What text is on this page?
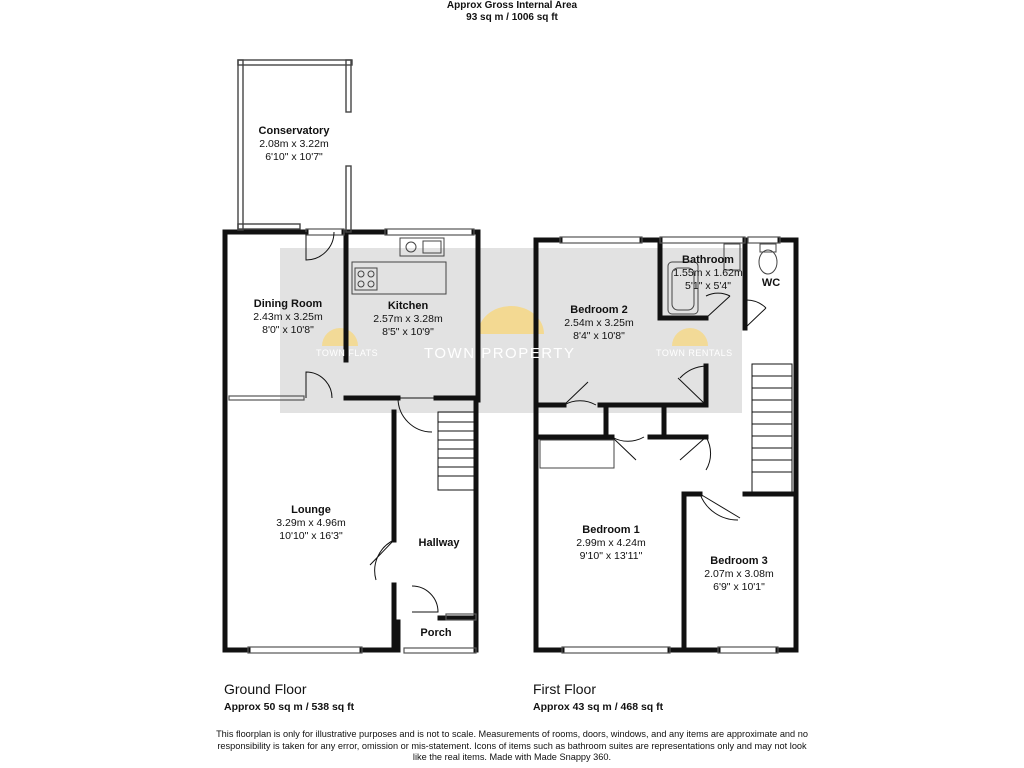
Approx Gross Internal Area
93 sq m / 1006 sq ft
Conservatory
2.08m x 3.22m
6'10" x 10'7"
Dining Room
2.43m x 3.25m
8'0" x 10'8"
Kitchen
2.57m x 3.28m
8'5" x 10'9"
Lounge
3.29m x 4.96m
10'10" x 16'3"
Hallway
Porch
Bedroom 2
2.54m x 3.25m
8'4" x 10'8"
Bathroom
1.55m x 1.62m
5'1" x 5'4"	WC
Bedroom 1
2.99m x 4.24m
9'10" x 13'11"	Bedroom 3
2.07m x 3.08m
6'9" x 10'1"
TOWN FLATS	TOWN PROPERTY	TOWN RENTALS
Ground Floor
Approx 50 sq m / 538 sq ft
First Floor
Approx 43 sq m / 468 sq ft
This floorplan is only for illustrative purposes and is not to scale. Measurements of rooms, doors, windows, and any items are approximate and no responsibility is taken for any error, omission or mis-statement. Icons of items such as bathroom suites are representations only and may not look like the real items. Made with Made Snappy 360.
